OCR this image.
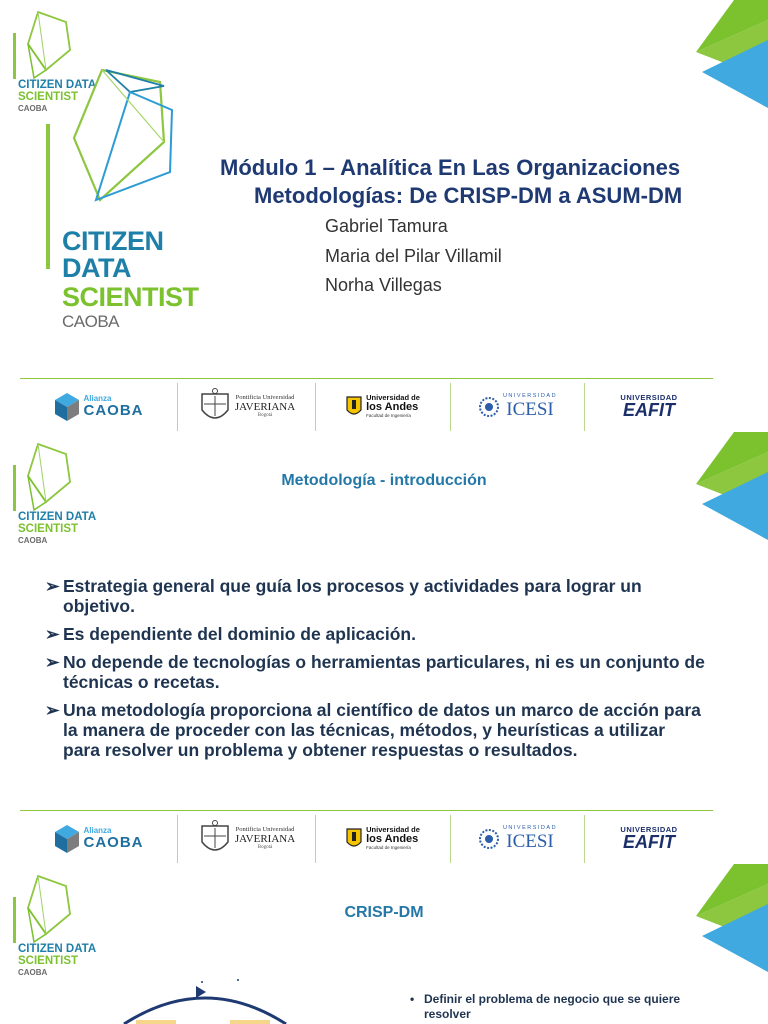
CITIZEN DATA
SCIENTIST
CAOBA
CITIZEN DATA
SCIENTIST
CAOBA
Módulo 1 – Analítica En Las Organizaciones
Metodologías: De CRISP-DM a ASUM-DM
Gabriel Tamura
Maria del Pilar Villamil
Norha Villegas
Alianza
CAOBA
Pontificia Universidad
JAVERIANA
Bogotá
Universidad de
los Andes
Facultad de Ingeniería
UNIVERSIDAD
ICESI
UNIVERSIDAD
EAFIT
CITIZEN DATA
SCIENTIST
CAOBA
Metodología - introducción
➢ Estrategia general que guía los procesos y actividades para lograr un objetivo.
➢ Es dependiente del dominio de aplicación.
➢ No depende de tecnologías o herramientas particulares, ni es un conjunto de técnicas o recetas.
➢ Una metodología proporciona al científico de datos un marco de acción para la manera de proceder con las técnicas, métodos, y heurísticas a utilizar para resolver un problema y obtener respuestas o resultados.
Alianza
CAOBA
Pontificia Universidad
JAVERIANA
Bogotá
Universidad de
los Andes
Facultad de Ingeniería
UNIVERSIDAD
ICESI
UNIVERSIDAD
EAFIT
CITIZEN DATA
SCIENTIST
CAOBA
CRISP-DM
• Definir el problema de negocio que se quiere resolver
